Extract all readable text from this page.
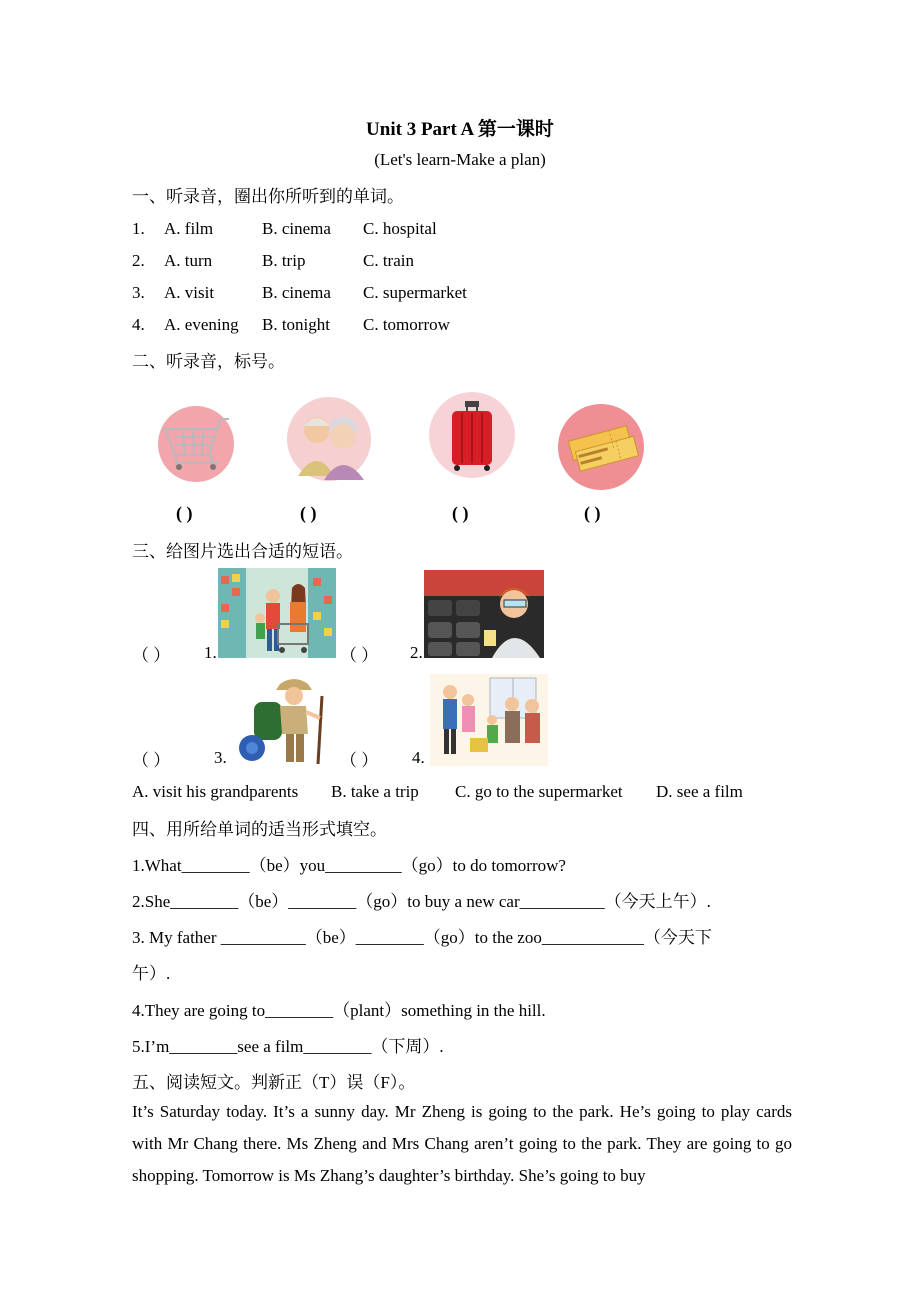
Unit 3 Part A 第一课时
(Let's learn-Make a plan)
一、听录音，圈出你所听到的单词。
1. A. film	B. cinema C. hospital
2. A. turn	B. trip	C. train
3. A. visit	B. cinema C. supermarket
4. A. evening B. tonight C. tomorrow
二、听录音，标号。
( )	( )	( )	( )
三、给图片选出合适的短语。
（ ） 1.	（ ） 2.
（ ）	3.	（ ） 4.
A. visit his grandparents B. take a trip C. go to the supermarket D. see a film
四、用所给单词的适当形式填空。
1.What________（be）you_________（go）to do tomorrow?
2.She________（be）________（go）to buy a new car__________（今天上午）.
3. My father __________（be）________（go）to the zoo____________（今天下
午）.
4.They are going to________（plant）something in the hill.
5.I’m________see a film________（下周）.
五、阅读短文。判新正（T）误（F）。
It’s Saturday today. It’s a sunny day. Mr Zheng is going to the park. He’s going to play cards with Mr Chang there. Ms Zheng and Mrs Chang aren’t going to the park. They are going to go shopping. Tomorrow is Ms Zhang’s daughter’s birthday. She’s going to buy
